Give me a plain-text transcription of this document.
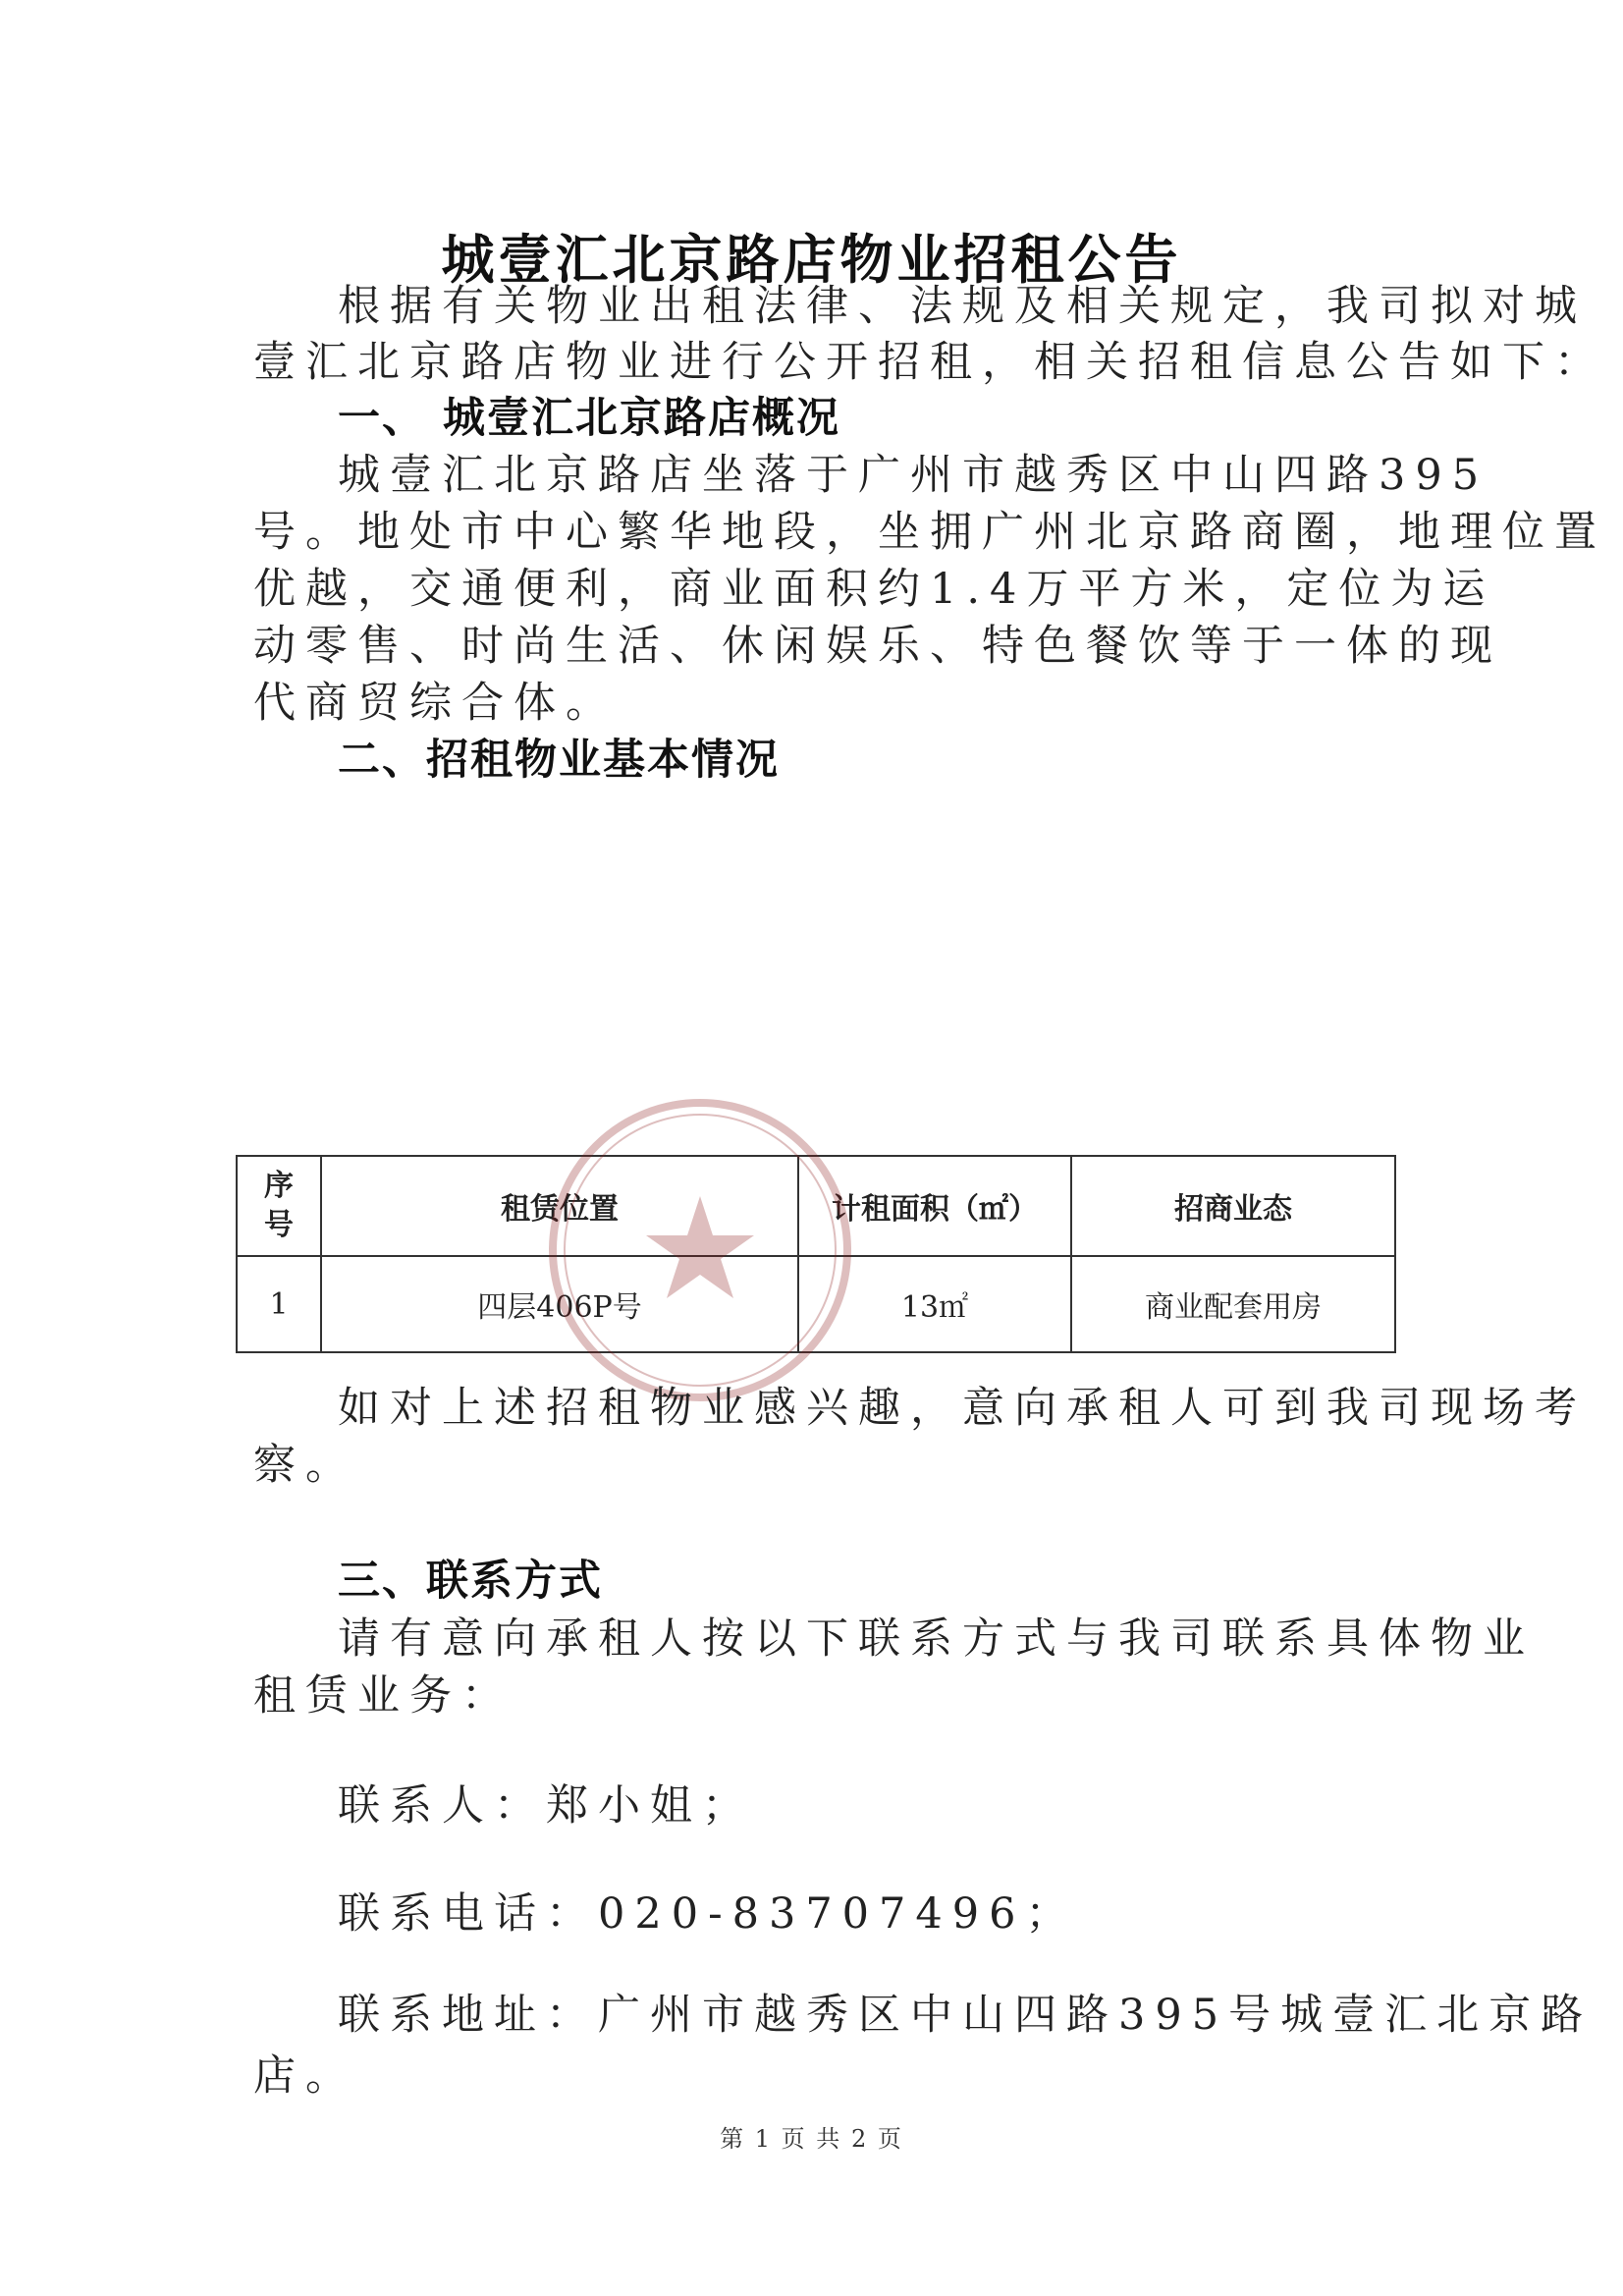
城壹汇北京路店物业招租公告
根据有关物业出租法律、法规及相关规定，我司拟对城
壹汇北京路店物业进行公开招租，相关招租信息公告如下：
一、 城壹汇北京路店概况
城壹汇北京路店坐落于广州市越秀区中山四路395
号。地处市中心繁华地段，坐拥广州北京路商圈，地理位置
优越，交通便利，商业面积约1.4万平方米，定位为运
动零售、时尚生活、休闲娱乐、特色餐饮等于一体的现
代商贸综合体。
二、招租物业基本情况
序号	租赁位置	计租面积（㎡）	招商业态
1	四层406P号	13㎡	商业配套用房
如对上述招租物业感兴趣，意向承租人可到我司现场考
察。
三、联系方式
请有意向承租人按以下联系方式与我司联系具体物业
租赁业务：
联系人：郑小姐；
联系电话：020-83707496；
联系地址：广州市越秀区中山四路395号城壹汇北京路
店。
第 1 页 共 2 页
